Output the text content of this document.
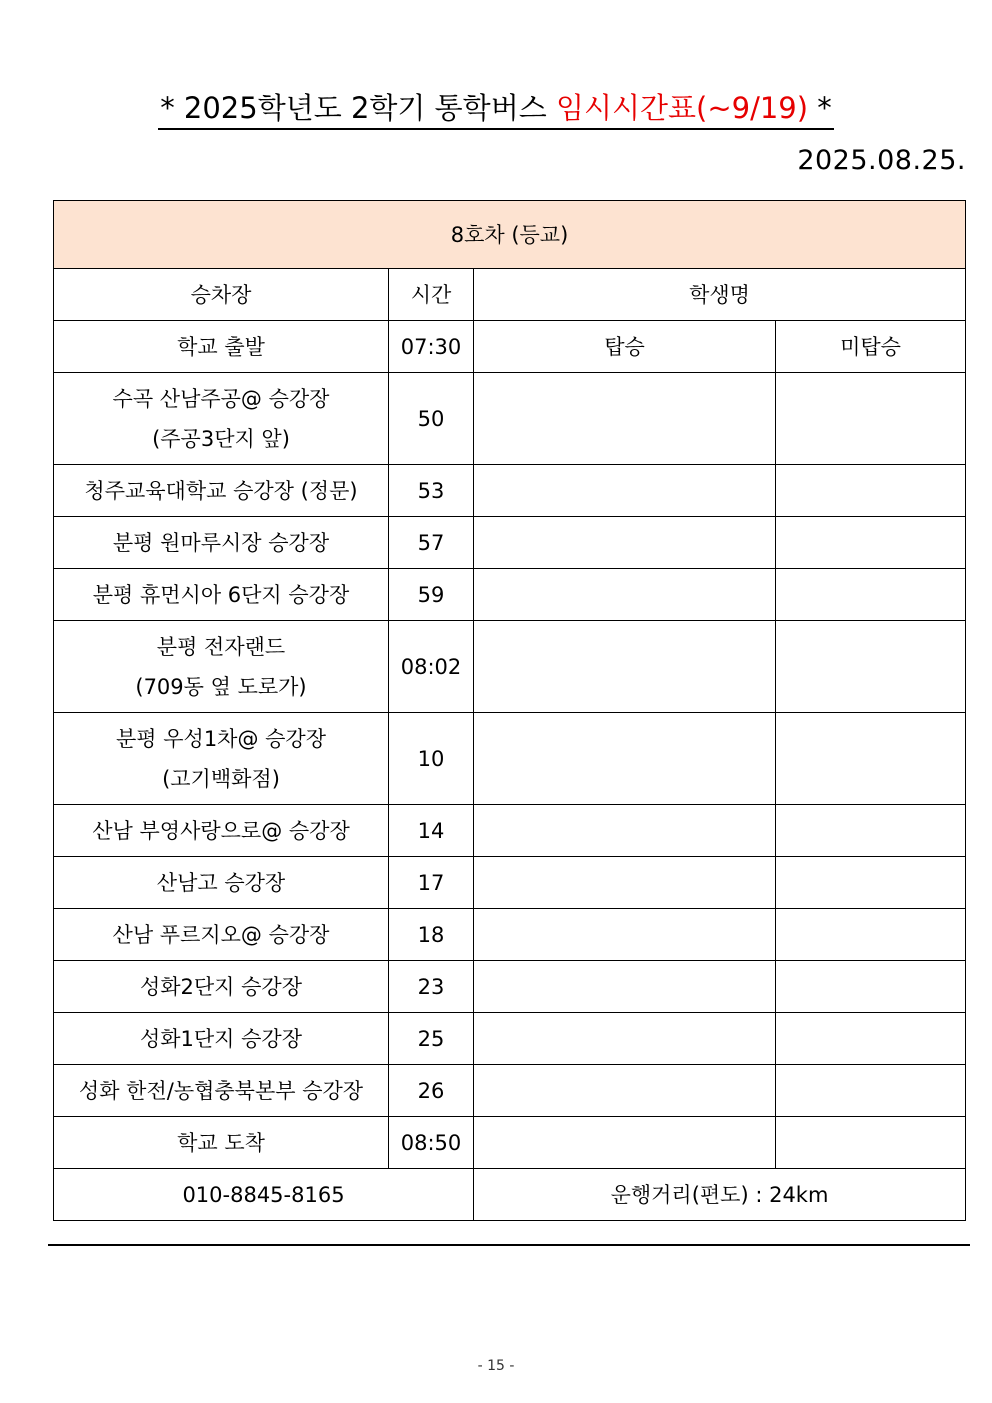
* 2025학년도 2학기 통학버스 임시시간표(~9/19) *
2025.08.25.
8호차 (등교)			
승차장	시간	학생명	
학교 출발	07:30	탑승	미탑승

수곡 산남주공@ 승강장
(주공3단지 앞)	50		

청주교육대학교 승강장 (정문)	53		

분평 원마루시장 승강장	57		

분평 휴먼시아 6단지 승강장	59		

분평 전자랜드
(709동 옆 도로가)	08:02		

분평 우성1차@ 승강장
(고기백화점)	10		

산남 부영사랑으로@ 승강장	14		

산남고 승강장	17		

산남 푸르지오@ 승강장	18		

성화2단지 승강장	23		

성화1단지 승강장	25		

성화 한전/농협충북본부 승강장	26		
학교 도착	08:50		
010-8845-8165		운행거리(편도) : 24km	
- 15 -
